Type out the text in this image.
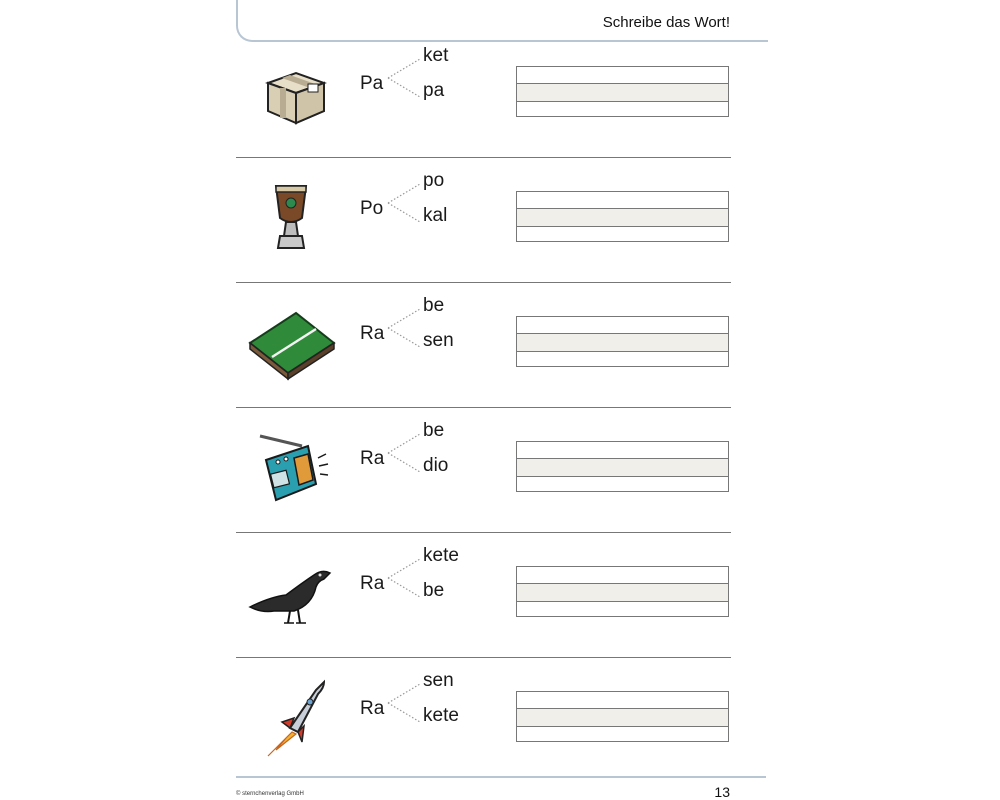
Schreibe das Wort!
Pa
ket
pa
Po
po
kal
Ra
be
sen
Ra
be
dio
Ra
kete
be
Ra
sen
kete
© sternchenverlag GmbH	13
